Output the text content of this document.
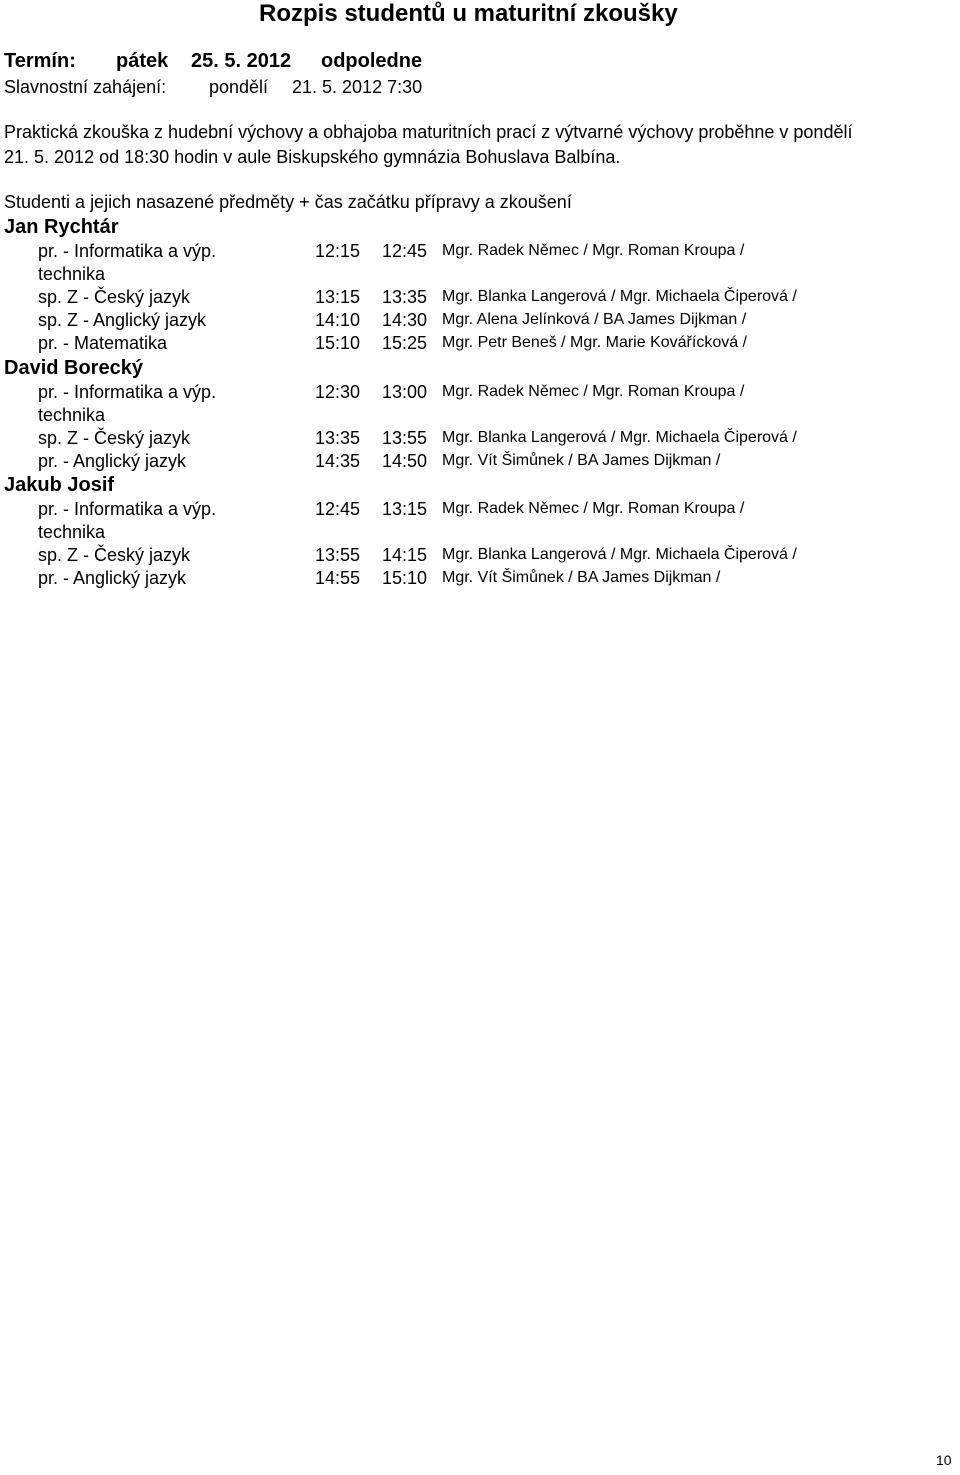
Rozpis studentů u maturitní zkoušky
Termín: pátek 25. 5. 2012 odpoledne
Slavnostní zahájení: pondělí 21. 5. 2012 7:30
Praktická zkouška z hudební výchovy a obhajoba maturitních prací z výtvarné výchovy proběhne v pondělí
21. 5. 2012 od 18:30 hodin v aule Biskupského gymnázia Bohuslava Balbína.
Studenti a jejich nasazené předměty + čas začátku přípravy a zkoušení
Jan Rychtár
pr. - Informatika a výp.	12:15 12:45 Mgr. Radek Němec / Mgr. Roman Kroupa /
technika
sp. Z - Český jazyk	13:15 13:35 Mgr. Blanka Langerová / Mgr. Michaela Čiperová /
sp. Z - Anglický jazyk	14:10 14:30 Mgr. Alena Jelínková / BA James Dijkman /
pr. - Matematika	15:10 15:25 Mgr. Petr Beneš / Mgr. Marie Kovářícková /
David Borecký
pr. - Informatika a výp.	12:30 13:00 Mgr. Radek Němec / Mgr. Roman Kroupa /
technika
sp. Z - Český jazyk	13:35 13:55 Mgr. Blanka Langerová / Mgr. Michaela Čiperová /
pr. - Anglický jazyk	14:35 14:50 Mgr. Vít Šimůnek / BA James Dijkman /
Jakub Josif
pr. - Informatika a výp.	12:45 13:15 Mgr. Radek Němec / Mgr. Roman Kroupa /
technika
sp. Z - Český jazyk	13:55 14:15 Mgr. Blanka Langerová / Mgr. Michaela Čiperová /
pr. - Anglický jazyk	14:55 15:10 Mgr. Vít Šimůnek / BA James Dijkman /
10
